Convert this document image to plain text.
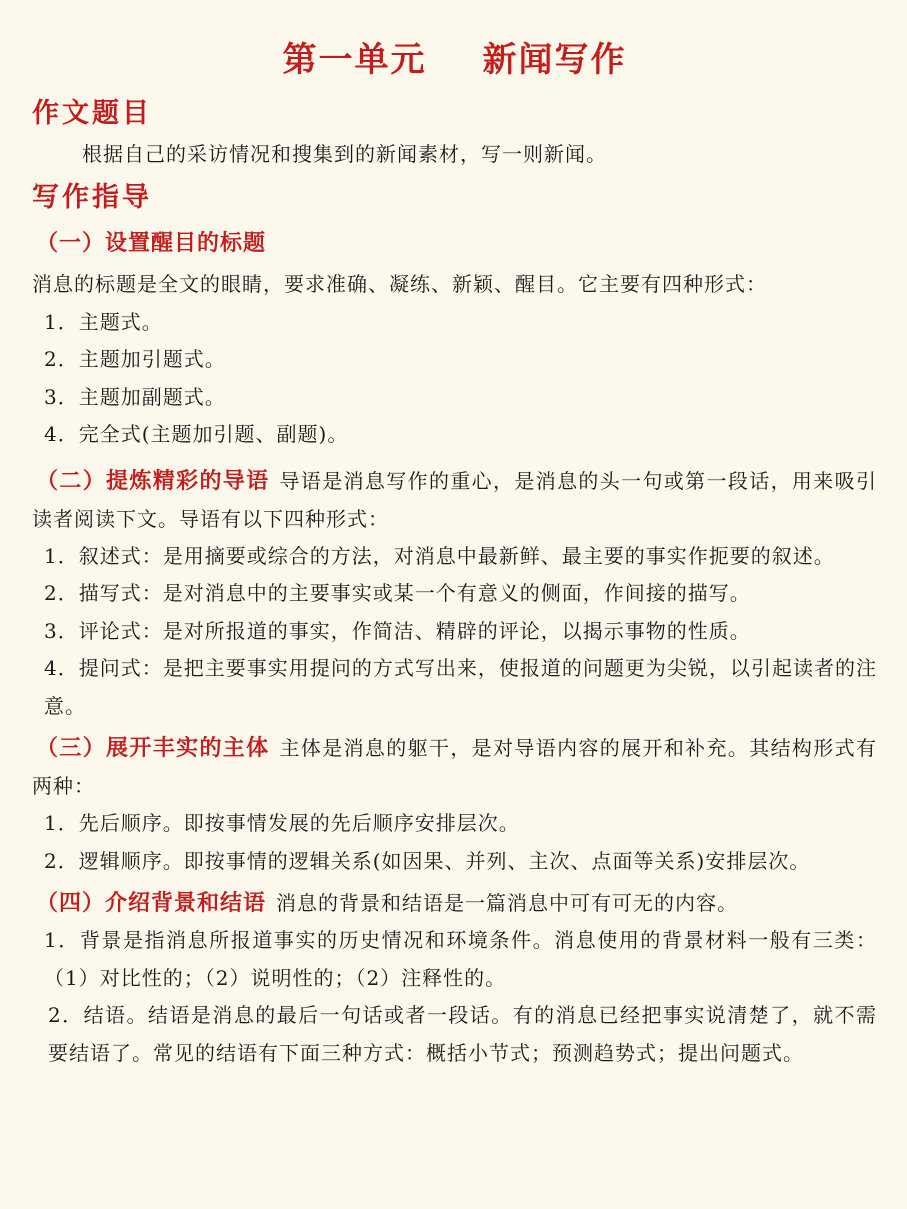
第一单元 新闻写作
作文题目
根据自己的采访情况和搜集到的新闻素材，写一则新闻。
写作指导
（一）设置醒目的标题
消息的标题是全文的眼睛，要求准确、凝练、新颖、醒目。它主要有四种形式：
1．主题式。
2．主题加引题式。
3．主题加副题式。
4．完全式(主题加引题、副题)。
（二）提炼精彩的导语 导语是消息写作的重心，是消息的头一句或第一段话，用来吸引读者阅读下文。导语有以下四种形式：
1．叙述式：是用摘要或综合的方法，对消息中最新鲜、最主要的事实作扼要的叙述。
2．描写式：是对消息中的主要事实或某一个有意义的侧面，作间接的描写。
3．评论式：是对所报道的事实，作简洁、精辟的评论，以揭示事物的性质。
4．提问式：是把主要事实用提问的方式写出来，使报道的问题更为尖锐，以引起读者的注意。
（三）展开丰实的主体 主体是消息的躯干，是对导语内容的展开和补充。其结构形式有两种：
1．先后顺序。即按事情发展的先后顺序安排层次。
2．逻辑顺序。即按事情的逻辑关系(如因果、并列、主次、点面等关系)安排层次。
（四）介绍背景和结语 消息的背景和结语是一篇消息中可有可无的内容。
1．背景是指消息所报道事实的历史情况和环境条件。消息使用的背景材料一般有三类：（1）对比性的；（2）说明性的；（2）注释性的。
2．结语。结语是消息的最后一句话或者一段话。有的消息已经把事实说清楚了，就不需要结语了。常见的结语有下面三种方式：概括小节式；预测趋势式；提出问题式。
